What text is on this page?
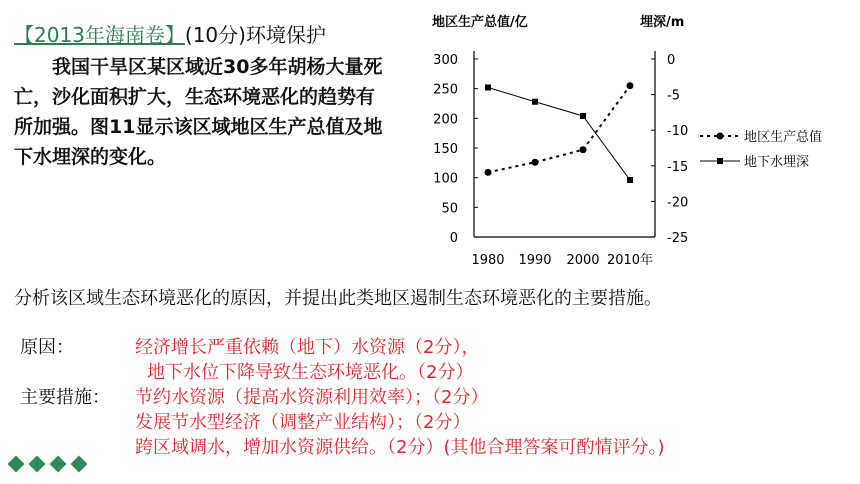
【2013年海南卷】(10分)环境保护

我国干旱区某区域近30多年胡杨大量死亡，沙化面积扩大，生态环境恶化的趋势有所加强。图11显示该区域地区生产总值及地下水埋深的变化。

地区生产总值/亿	埋深/m
300
250
200
150
100
50
0
0
-5
-10
-15
-20
-25
1980 1990 2000 2010年
地区生产总值
地下水埋深
分析该区域生态环境恶化的原因，并提出此类地区遏制生态环境恶化的主要措施。
原因：	经济增长严重依赖（地下）水资源（2分），
地下水位下降导致生态环境恶化。（2分）
主要措施： 节约水资源（提高水资源利用效率）；（2分）
发展节水型经济（调整产业结构）；（2分）
跨区域调水，增加水资源供给。（2分）(其他合理答案可酌情评分。)
